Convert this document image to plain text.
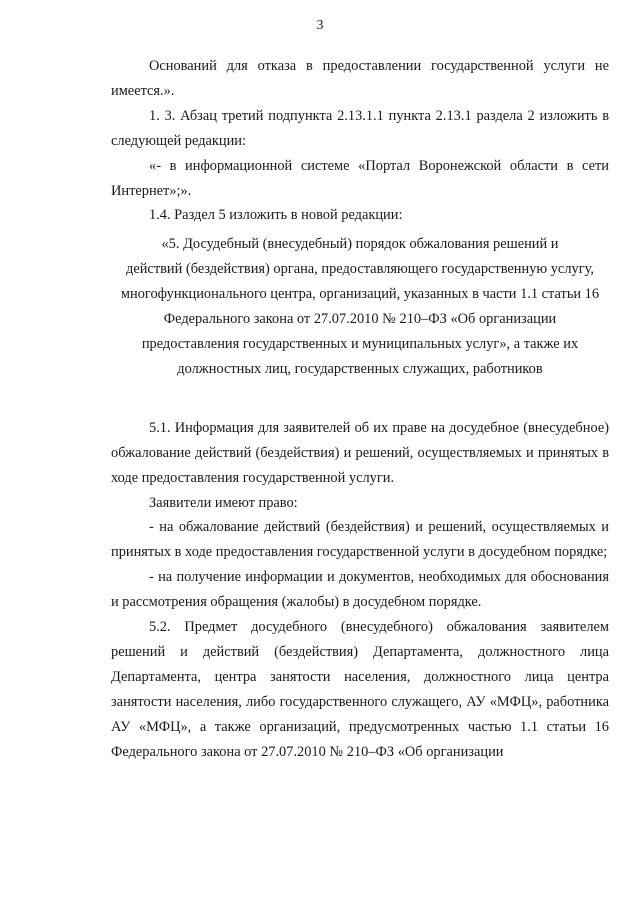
3

Оснований для отказа в предоставлении государственной услуги не имеется.».

1. 3. Абзац третий подпункта 2.13.1.1 пункта 2.13.1 раздела 2 изложить в следующей редакции:

«- в информационной системе «Портал Воронежской области в сети Интернет»;».

1.4. Раздел 5 изложить в новой редакции:

«5. Досудебный (внесудебный) порядок обжалования решений и

действий (бездействия) органа, предоставляющего государственную услугу,

многофункционального центра, организаций, указанных в части 1.1 статьи 16

Федерального закона от 27.07.2010 № 210–ФЗ «Об организации

предоставления государственных и муниципальных услуг», а также их

должностных лиц, государственных служащих, работников

5.1. Информация для заявителей об их праве на досудебное (внесудебное) обжалование действий (бездействия) и решений, осуществляемых и принятых в ходе предоставления государственной услуги.

Заявители имеют право:

- на обжалование действий (бездействия) и решений, осуществляемых и принятых в ходе предоставления государственной услуги в досудебном порядке;

- на получение информации и документов, необходимых для обоснования и рассмотрения обращения (жалобы) в досудебном порядке.

5.2. Предмет досудебного (внесудебного) обжалования заявителем решений и действий (бездействия) Департамента, должностного лица Департамента, центра занятости населения, должностного лица центра занятости населения, либо государственного служащего, АУ «МФЦ», работника АУ «МФЦ», а также организаций, предусмотренных частью 1.1 статьи 16 Федерального закона от 27.07.2010 № 210–ФЗ «Об организации
